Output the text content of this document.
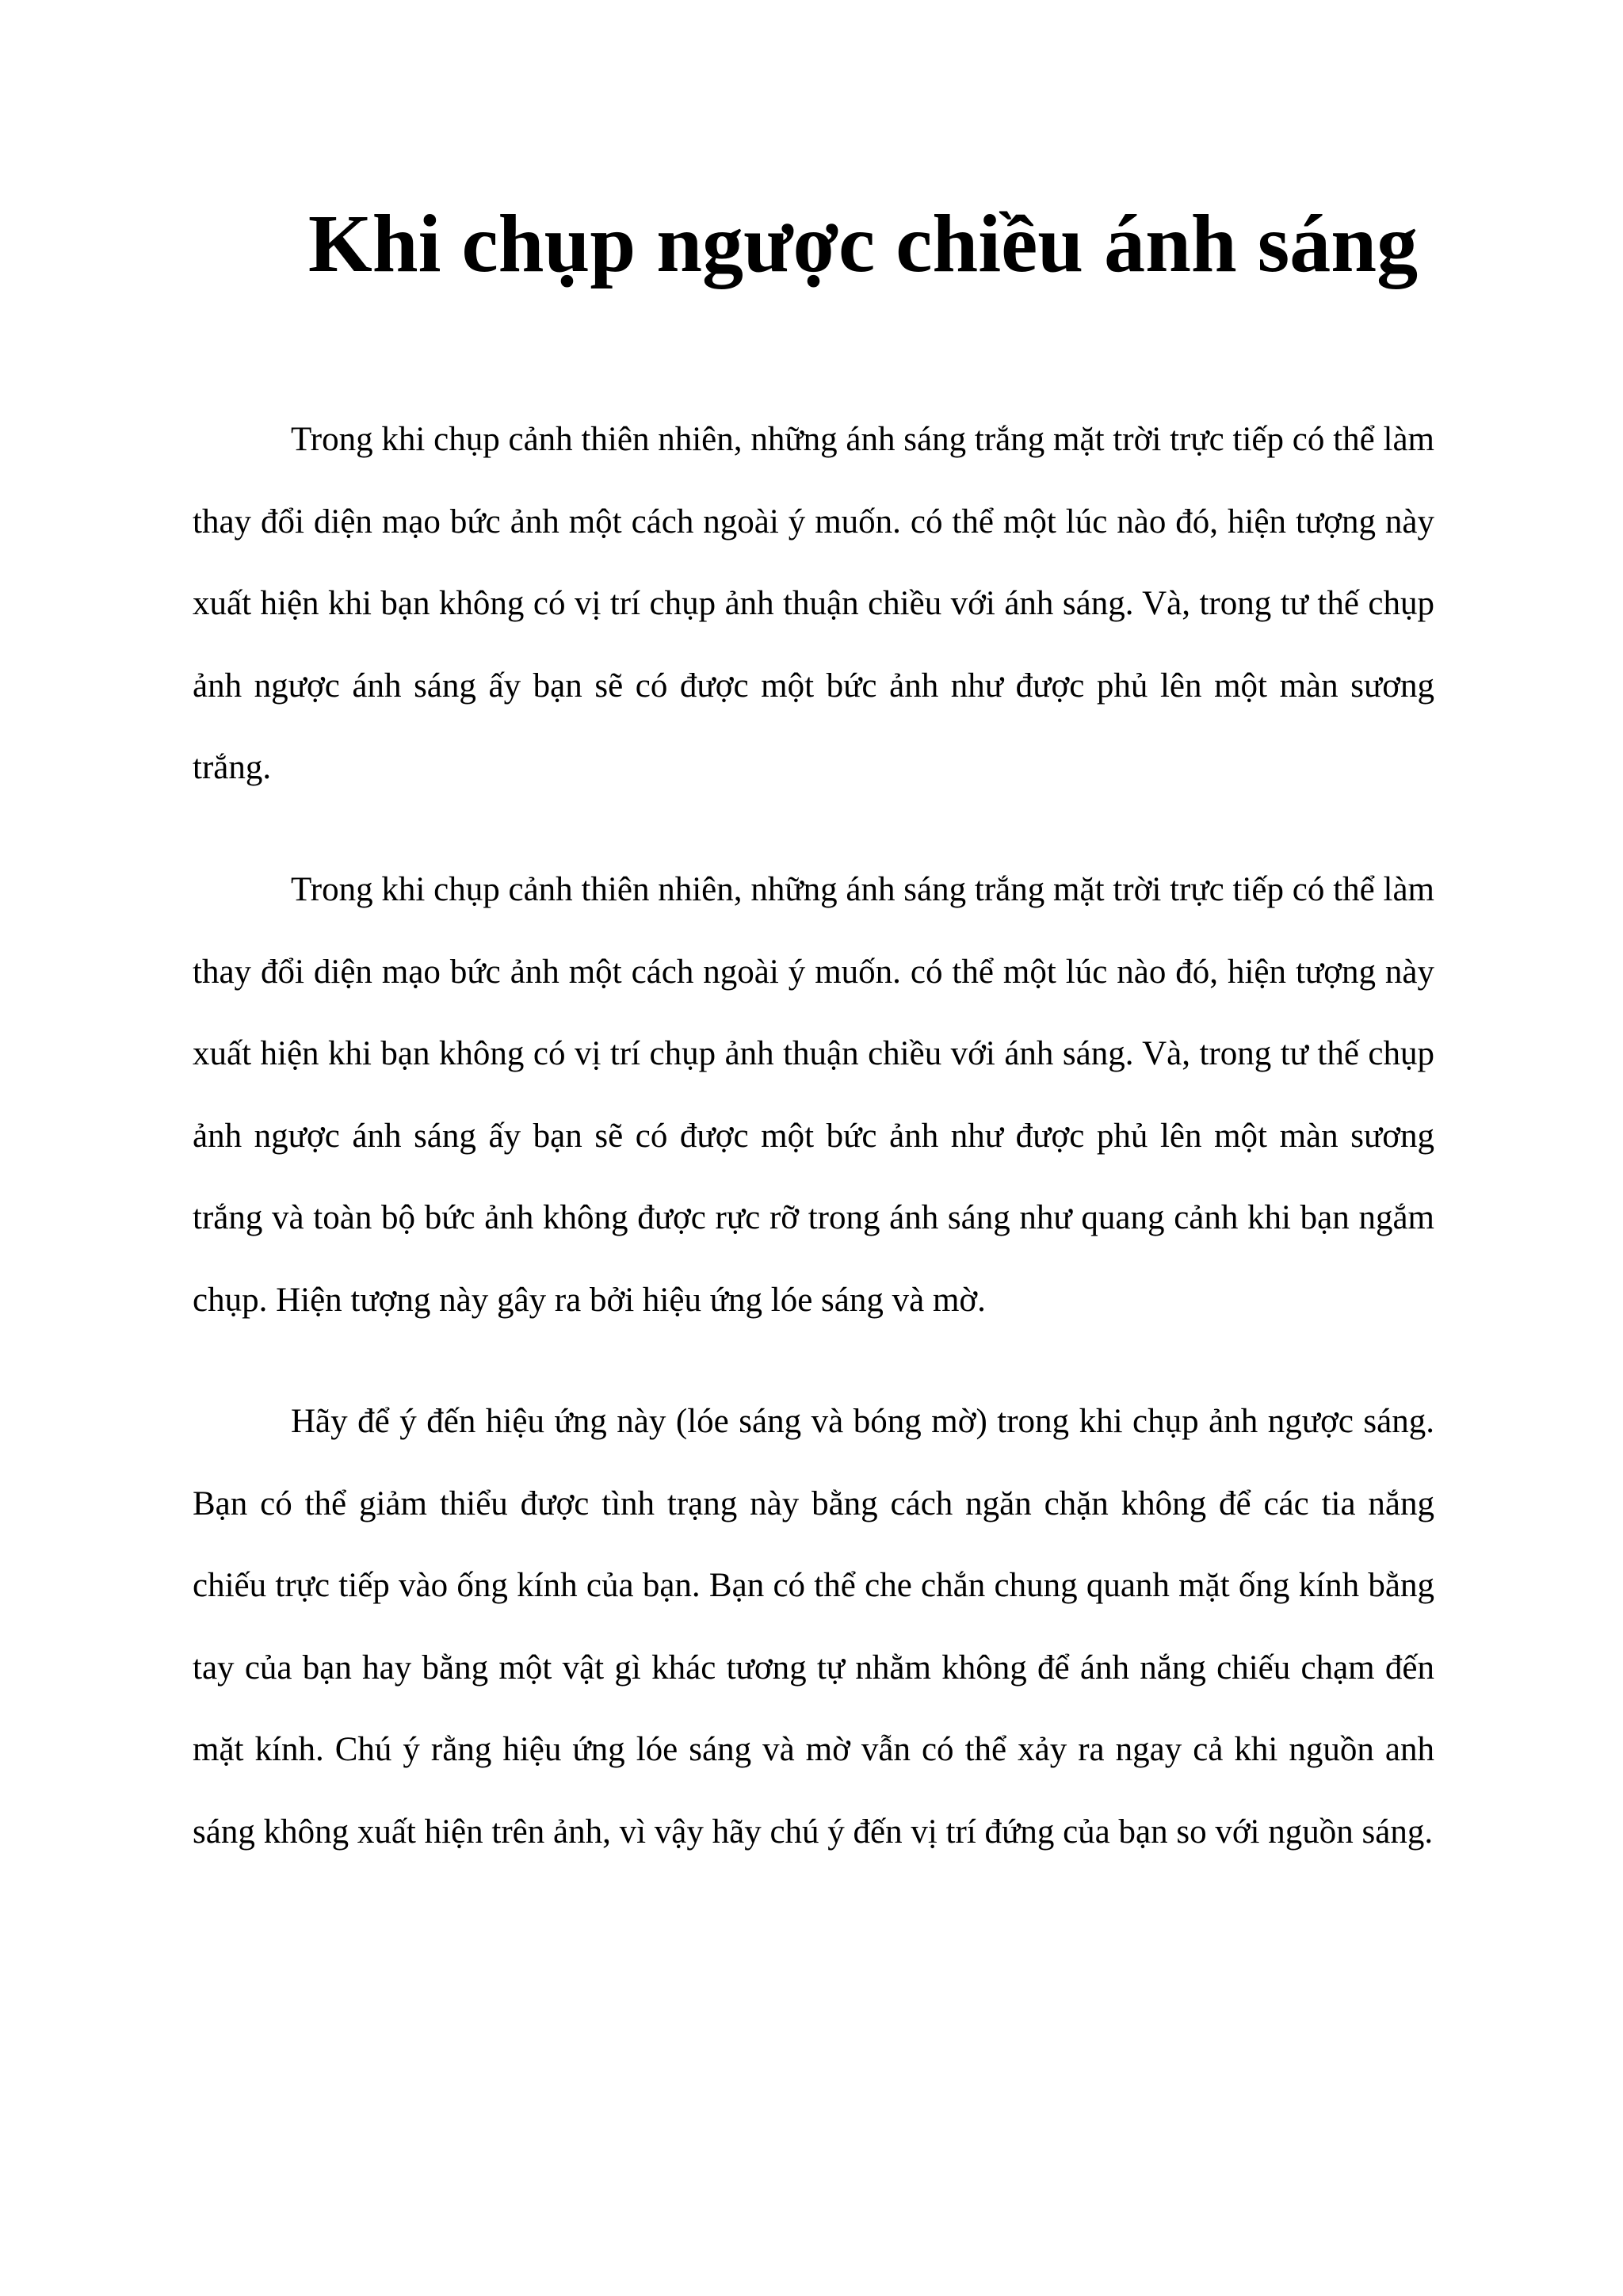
Khi chụp ngược chiều ánh sáng

Trong khi chụp cảnh thiên nhiên, những ánh sáng trắng mặt trời trực tiếp có thể làm thay đổi diện mạo bức ảnh một cách ngoài ý muốn. có thể một lúc nào đó, hiện tượng này xuất hiện khi bạn không có vị trí chụp ảnh thuận chiều với ánh sáng. Và, trong tư thế chụp ảnh ngược ánh sáng ấy bạn sẽ có được một bức ảnh như được phủ lên một màn sương trắng.

Trong khi chụp cảnh thiên nhiên, những ánh sáng trắng mặt trời trực tiếp có thể làm thay đổi diện mạo bức ảnh một cách ngoài ý muốn. có thể một lúc nào đó, hiện tượng này xuất hiện khi bạn không có vị trí chụp ảnh thuận chiều với ánh sáng. Và, trong tư thế chụp ảnh ngược ánh sáng ấy bạn sẽ có được một bức ảnh như được phủ lên một màn sương trắng và toàn bộ bức ảnh không được rực rỡ trong ánh sáng như quang cảnh khi bạn ngắm chụp. Hiện tượng này gây ra bởi hiệu ứng lóe sáng và mờ.

Hãy để ý đến hiệu ứng này (lóe sáng và bóng mờ) trong khi chụp ảnh ngược sáng. Bạn có thể giảm thiểu được tình trạng này bằng cách ngăn chặn không để các tia nắng chiếu trực tiếp vào ống kính của bạn. Bạn có thể che chắn chung quanh mặt ống kính bằng tay của bạn hay bằng một vật gì khác tương tự nhằm không để ánh nắng chiếu chạm đến mặt kính. Chú ý rằng hiệu ứng lóe sáng và mờ vẫn có thể xảy ra ngay cả khi nguồn anh sáng không xuất hiện trên ảnh, vì vậy hãy chú ý đến vị trí đứng của bạn so với nguồn sáng.
